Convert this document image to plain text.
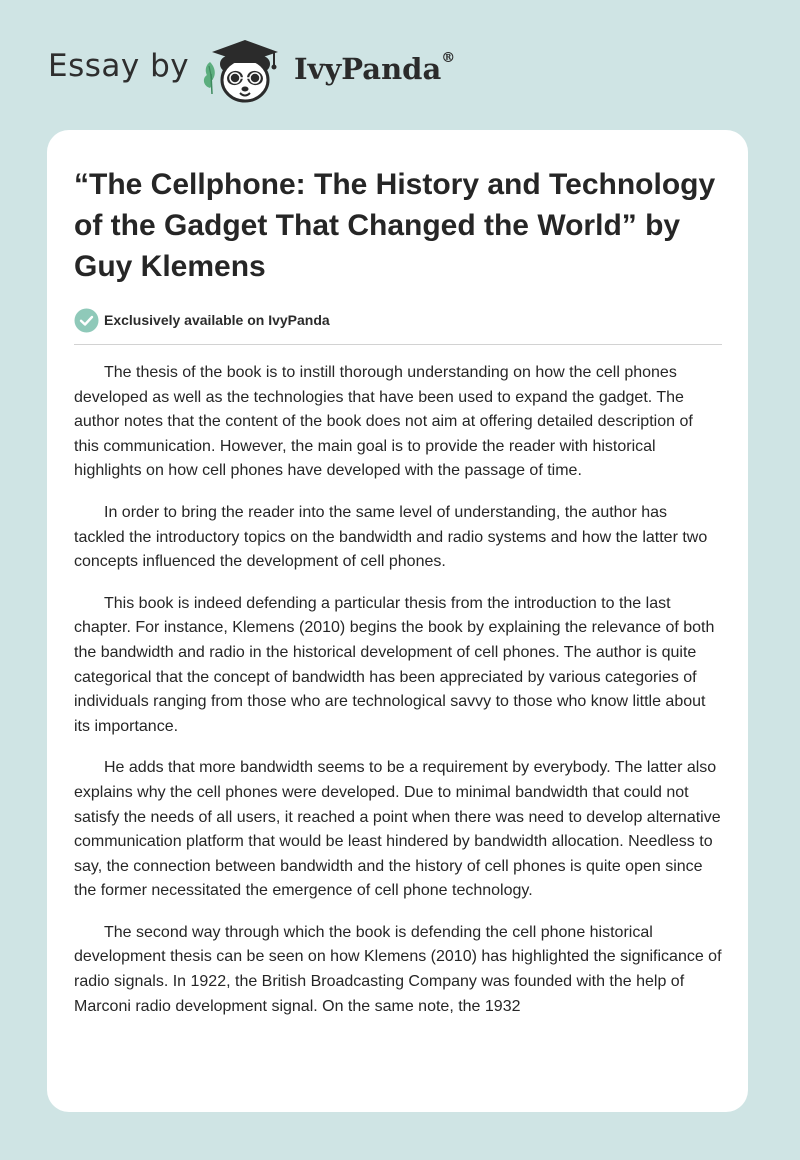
Essay by	IvyPanda®
“The Cellphone: The History and Technology of the Gadget That Changed the World” by Guy Klemens
Exclusively available on IvyPanda

The thesis of the book is to instill thorough understanding on how the cell phones developed as well as the technologies that have been used to expand the gadget. The author notes that the content of the book does not aim at offering detailed description of this communication. However, the main goal is to provide the reader with historical highlights on how cell phones have developed with the passage of time.

In order to bring the reader into the same level of understanding, the author has tackled the introductory topics on the bandwidth and radio systems and how the latter two concepts influenced the development of cell phones.

This book is indeed defending a particular thesis from the introduction to the last chapter. For instance, Klemens (2010) begins the book by explaining the relevance of both the bandwidth and radio in the historical development of cell phones. The author is quite categorical that the concept of bandwidth has been appreciated by various categories of individuals ranging from those who are technological savvy to those who know little about its importance.

He adds that more bandwidth seems to be a requirement by everybody. The latter also explains why the cell phones were developed. Due to minimal bandwidth that could not satisfy the needs of all users, it reached a point when there was need to develop alternative communication platform that would be least hindered by bandwidth allocation. Needless to say, the connection between bandwidth and the history of cell phones is quite open since the former necessitated the emergence of cell phone technology.

The second way through which the book is defending the cell phone historical development thesis can be seen on how Klemens (2010) has highlighted the significance of radio signals. In 1922, the British Broadcasting Company was founded with the help of Marconi radio development signal. On the same note, the 1932
